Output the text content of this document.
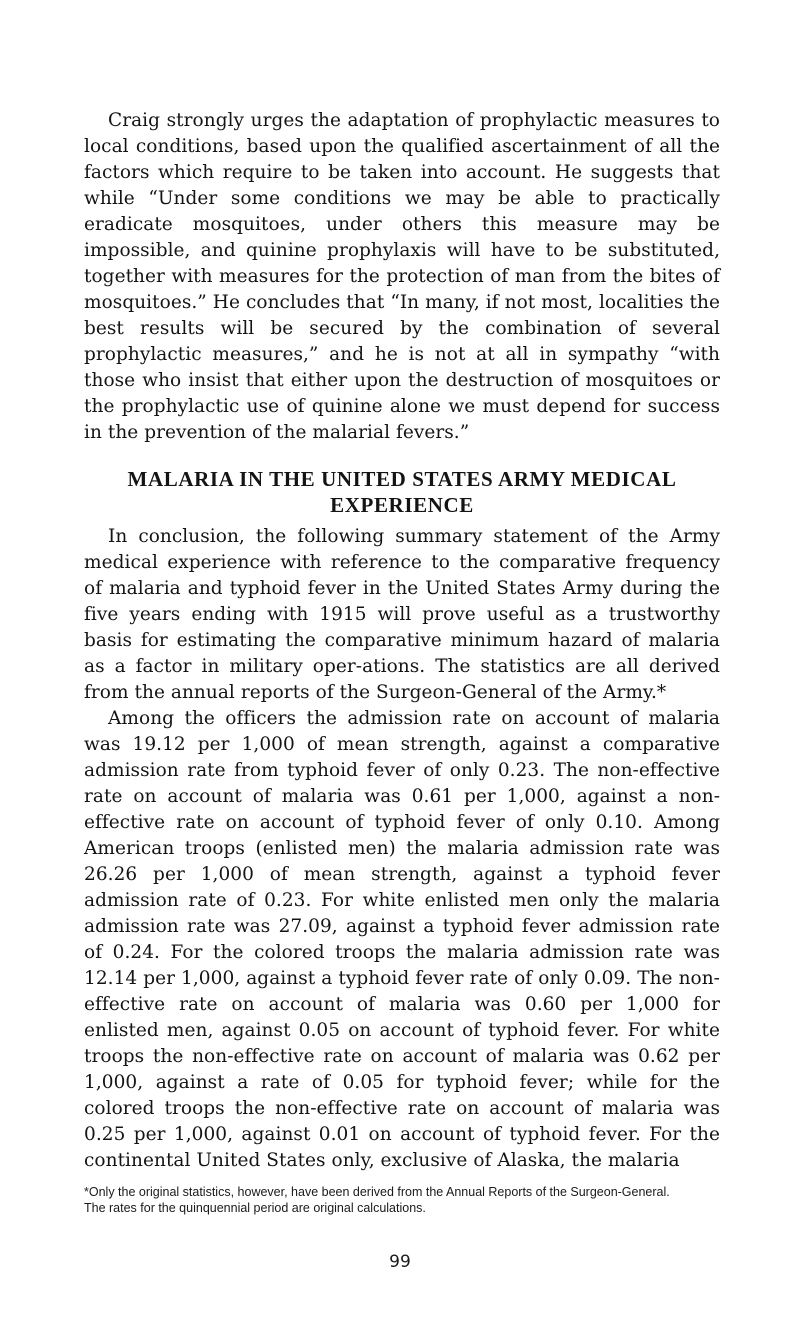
Craig strongly urges the adaptation of prophylactic measures to local conditions, based upon the qualified ascertainment of all the factors which require to be taken into account. He suggests that while “Under some conditions we may be able to practically eradicate mosquitoes, under others this measure may be impossible, and quinine prophylaxis will have to be substituted, together with measures for the protection of man from the bites of mosquitoes.” He concludes that “In many, if not most, localities the best results will be secured by the combination of several prophylactic measures,” and he is not at all in sympathy “with those who insist that either upon the destruction of mosquitoes or the prophylactic use of quinine alone we must depend for success in the prevention of the malarial fevers.”

MALARIA IN THE UNITED STATES ARMY MEDICAL
EXPERIENCE

In conclusion, the following summary statement of the Army medical experience with reference to the comparative frequency of malaria and typhoid fever in the United States Army during the five years ending with 1915 will prove useful as a trustworthy basis for estimating the comparative minimum hazard of malaria as a factor in military oper-ations. The statistics are all derived from the annual reports of the Surgeon-General of the Army.*

Among the officers the admission rate on account of malaria was 19.12 per 1,000 of mean strength, against a comparative admission rate from typhoid fever of only 0.23. The non-effective rate on account of malaria was 0.61 per 1,000, against a non-effective rate on account of typhoid fever of only 0.10. Among American troops (enlisted men) the malaria admission rate was 26.26 per 1,000 of mean strength, against a typhoid fever admission rate of 0.23. For white enlisted men only the malaria admission rate was 27.09, against a typhoid fever admission rate of 0.24. For the colored troops the malaria admission rate was 12.14 per 1,000, against a typhoid fever rate of only 0.09. The non-effective rate on account of malaria was 0.60 per 1,000 for enlisted men, against 0.05 on account of typhoid fever. For white troops the non-effective rate on account of malaria was 0.62 per 1,000, against a rate of 0.05 for typhoid fever; while for the colored troops the non-effective rate on account of malaria was 0.25 per 1,000, against 0.01 on account of typhoid fever. For the continental United States only, exclusive of Alaska, the malaria

*Only the original statistics, however, have been derived from the Annual Reports of the Surgeon-General.

The rates for the quinquennial period are original calculations.

99
